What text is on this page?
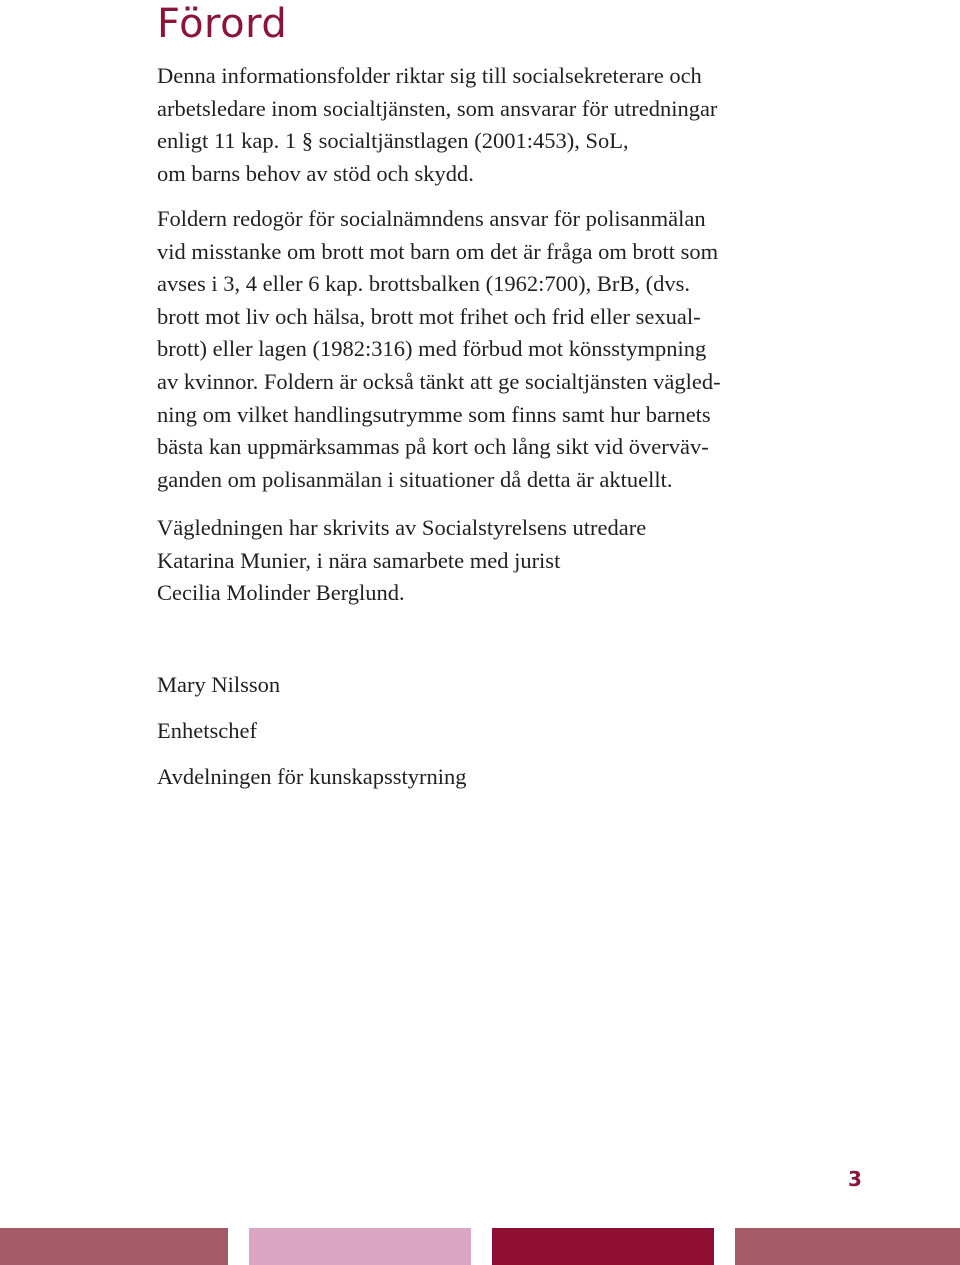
Förord

Denna informationsfolder riktar sig till socialsekreterare och
arbetsledare inom socialtjänsten, som ansvarar för utredningar
enligt 11 kap. 1 § socialtjänstlagen (2001:453), SoL,
om barns behov av stöd och skydd.

Foldern redogör för socialnämndens ansvar för polisanmälan
vid misstanke om brott mot barn om det är fråga om brott som
avses i 3, 4 eller 6 kap. brottsbalken (1962:700), BrB, (dvs.
brott mot liv och hälsa, brott mot frihet och frid eller sexual-
brott) eller lagen (1982:316) med förbud mot könsstympning
av kvinnor. Foldern är också tänkt att ge socialtjänsten vägled-
ning om vilket handlingsutrymme som finns samt hur barnets
bästa kan uppmärksammas på kort och lång sikt vid överväv-
ganden om polisanmälan i situationer då detta är aktuellt.

Vägledningen har skrivits av Socialstyrelsens utredare
Katarina Munier, i nära samarbete med jurist
Cecilia Molinder Berglund.

Mary Nilsson

Enhetschef

Avdelningen för kunskapsstyrning

3
